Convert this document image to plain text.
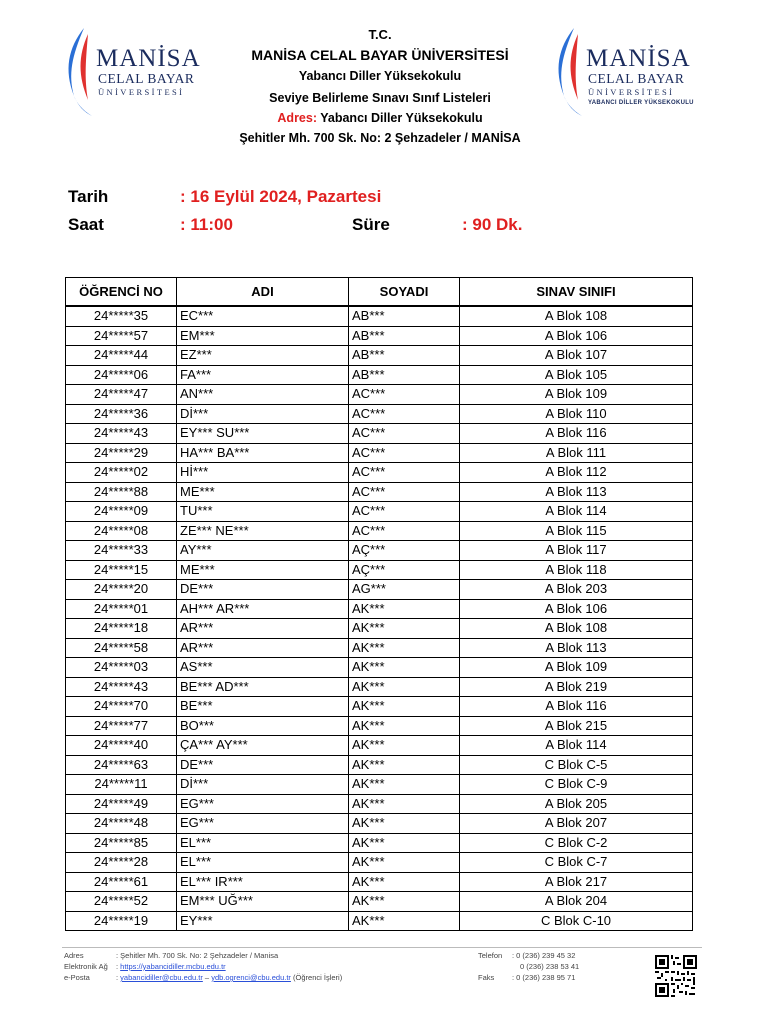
MANİSA
CELAL BAYAR
ÜNİVERSİTESİ
MANİSA
CELAL BAYAR
ÜNİVERSİTESİ
YABANCI DİLLER YÜKSEKOKULU
T.C.
MANİSA CELAL BAYAR ÜNİVERSİTESİ
Yabancı Diller Yüksekokulu
Seviye Belirleme Sınavı Sınıf Listeleri
Adres: Yabancı Diller Yüksekokulu
Şehitler Mh. 700 Sk. No: 2 Şehzadeler / MANİSA
Tarih	: 16 Eylül 2024, Pazartesi
Saat	: 11:00	Süre	: 90 Dk.
ÖĞRENCİ NO	ADI	SOYADI	SINAV SINIFI
24*****35	EC***	AB***	A Blok 108
24*****57	EM***	AB***	A Blok 106
24*****44	EZ***	AB***	A Blok 107
24*****06	FA***	AB***	A Blok 105
24*****47	AN***	AC***	A Blok 109
24*****36	Dİ***	AC***	A Blok 110
24*****43	EY*** SU***	AC***	A Blok 116
24*****29	HA*** BA***	AC***	A Blok 111
24*****02	Hİ***	AC***	A Blok 112
24*****88	ME***	AC***	A Blok 113
24*****09	TU***	AC***	A Blok 114
24*****08	ZE*** NE***	AC***	A Blok 115
24*****33	AY***	AÇ***	A Blok 117
24*****15	ME***	AÇ***	A Blok 118
24*****20	DE***	AG***	A Blok 203
24*****01	AH*** AR***	AK***	A Blok 106
24*****18	AR***	AK***	A Blok 108
24*****58	AR***	AK***	A Blok 113
24*****03	AS***	AK***	A Blok 109
24*****43	BE*** AD***	AK***	A Blok 219
24*****70	BE***	AK***	A Blok 116
24*****77	BO***	AK***	A Blok 215
24*****40	ÇA*** AY***	AK***	A Blok 114
24*****63	DE***	AK***	C Blok C-5
24*****11	Dİ***	AK***	C Blok C-9
24*****49	EG***	AK***	A Blok 205
24*****48	EG***	AK***	A Blok 207
24*****85	EL***	AK***	C Blok C-2
24*****28	EL***	AK***	C Blok C-7
24*****61	EL*** IR***	AK***	A Blok 217
24*****52	EM*** UĞ***	AK***	A Blok 204
24*****19	EY***	AK***	C Blok C-10
Adres	: Şehitler Mh. 700 Sk. No: 2 Şehzadeler / Manisa
Elektronik Ağ : https://yabancidiller.mcbu.edu.tr
e-Posta	: yabancidiller@cbu.edu.tr – ydb.ogrenci@cbu.edu.tr (Öğrenci İşleri)
Telefon : 0 (236) 239 45 32
0 (236) 238 53 41
Faks : 0 (236) 238 95 71
